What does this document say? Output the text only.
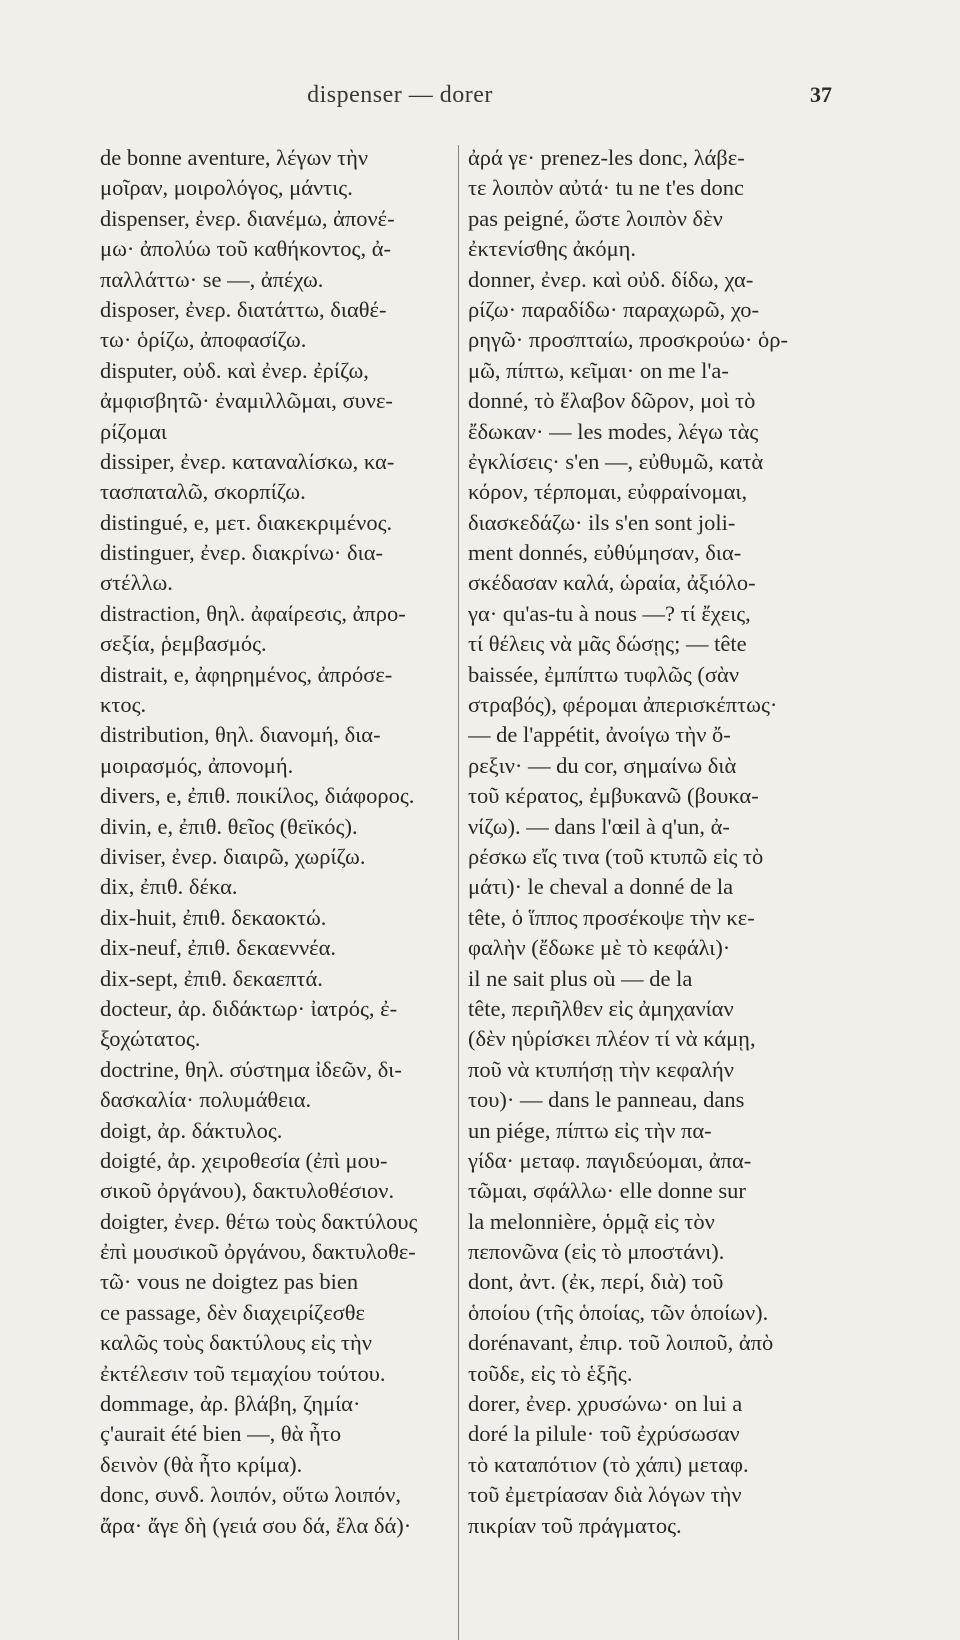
dispenser — dorer	37
de bonne aventure, λέγων τὴν
μοῖραν, μοιρολόγος, μάντις.
dispenser, ἐνερ. διανέμω, ἀπονέ-
μω· ἀπολύω τοῦ καθήκοντος, ἀ-
παλλάττω· se —, ἀπέχω.
disposer, ἐνερ. διατάττω, διαθέ-
τω· ὁρίζω, ἀποφασίζω.
disputer, οὐδ. καὶ ἐνερ. ἐρίζω,
ἀμφισβητῶ· ἐναμιλλῶμαι, συνε-
ρίζομαι
dissiper, ἐνερ. καταναλίσκω, κα-
τασπαταλῶ, σκορπίζω.
distingué, e, μετ. διακεκριμένος.
distinguer, ἐνερ. διακρίνω· δια-
στέλλω.
distraction, θηλ. ἀφαίρεσις, ἀπρο-
σεξία, ῥεμβασμός.
distrait, e, ἀφηρημένος, ἀπρόσε-
κτος.
distribution, θηλ. διανομή, δια-
μοιρασμός, ἀπονομή.
divers, e, ἐπιθ. ποικίλος, διάφορος.
divin, e, ἐπιθ. θεῖος (θεϊκός).
diviser, ἐνερ. διαιρῶ, χωρίζω.
dix, ἐπιθ. δέκα.
dix-huit, ἐπιθ. δεκαοκτώ.
dix-neuf, ἐπιθ. δεκαεννέα.
dix-sept, ἐπιθ. δεκαεπτά.
docteur, ἀρ. διδάκτωρ· ἰατρός, ἐ-
ξοχώτατος.
doctrine, θηλ. σύστημα ἰδεῶν, δι-
δασκαλία· πολυμάθεια.
doigt, ἀρ. δάκτυλος.
doigté, ἀρ. χειροθεσία (ἐπὶ μου-
σικοῦ ὀργάνου), δακτυλοθέσιον.
doigter, ἐνερ. θέτω τοὺς δακτύλους
ἐπὶ μουσικοῦ ὀργάνου, δακτυλοθε-
τῶ· vous ne doigtez pas bien
ce passage, δὲν διαχειρίζεσθε
καλῶς τοὺς δακτύλους εἰς τὴν
ἐκτέλεσιν τοῦ τεμαχίου τούτου.
dommage, ἀρ. βλάβη, ζημία·
ç'aurait été bien —, θὰ ἦτο
δεινὸν (θὰ ἦτο κρίμα).
donc, συνδ. λοιπόν, οὕτω λοιπόν,
ἄρα· ἄγε δὴ (γειά σου δά, ἔλα δά)·
ἀρά γε· prenez-les donc, λάβε-
τε λοιπὸν αὐτά· tu ne t'es donc
pas peigné, ὥστε λοιπὸν δὲν
ἐκτενίσθης ἀκόμη.
donner, ἐνερ. καὶ οὐδ. δίδω, χα-
ρίζω· παραδίδω· παραχωρῶ, χο-
ρηγῶ· προσπταίω, προσκρούω· ὁρ-
μῶ, πίπτω, κεῖμαι· on me l'a-
donné, τὸ ἔλαβον δῶρον, μοὶ τὸ
ἔδωκαν· — les modes, λέγω τὰς
ἐγκλίσεις· s'en —, εὐθυμῶ, κατὰ
κόρον, τέρπομαι, εὐφραίνομαι,
διασκεδάζω· ils s'en sont joli-
ment donnés, εὐθύμησαν, δια-
σκέδασαν καλά, ὡραία, ἀξιόλο-
γα· qu'as-tu à nous —? τί ἔχεις,
τί θέλεις νὰ μᾶς δώσῃς; — tête
baissée, ἐμπίπτω τυφλῶς (σὰν
στραβός), φέρομαι ἀπερισκέπτως·
— de l'appétit, ἀνοίγω τὴν ὄ-
ρεξιν· — du cor, σημαίνω διὰ
τοῦ κέρατος, ἐμβυκανῶ (βουκα-
νίζω). — dans l'œil à q'un, ἀ-
ρέσκω εἴς τινα (τοῦ κτυπῶ εἰς τὸ
μάτι)· le cheval a donné de la
tête, ὁ ἵππος προσέκοψε τὴν κε-
φαλὴν (ἔδωκε μὲ τὸ κεφάλι)·
il ne sait plus où — de la
tête, περιῆλθεν εἰς ἀμηχανίαν
(δὲν ηὑρίσκει πλέον τί νὰ κάμῃ,
ποῦ νὰ κτυπήσῃ τὴν κεφαλήν
του)· — dans le panneau, dans
un piége, πίπτω εἰς τὴν πα-
γίδα· μεταφ. παγιδεύομαι, ἀπα-
τῶμαι, σφάλλω· elle donne sur
la melonnière, ὁρμᾷ εἰς τὸν
πεπονῶνα (εἰς τὸ μποστάνι).
dont, ἀντ. (ἐκ, περί, διὰ) τοῦ
ὁποίου (τῆς ὁποίας, τῶν ὁποίων).
dorénavant, ἐπιρ. τοῦ λοιποῦ, ἀπὸ
τοῦδε, εἰς τὸ ἑξῆς.
dorer, ἐνερ. χρυσώνω· on lui a
doré la pilule· τοῦ ἐχρύσωσαν
τὸ καταπότιον (τὸ χάπι) μεταφ.
τοῦ ἐμετρίασαν διὰ λόγων τὴν
πικρίαν τοῦ πράγματος.
